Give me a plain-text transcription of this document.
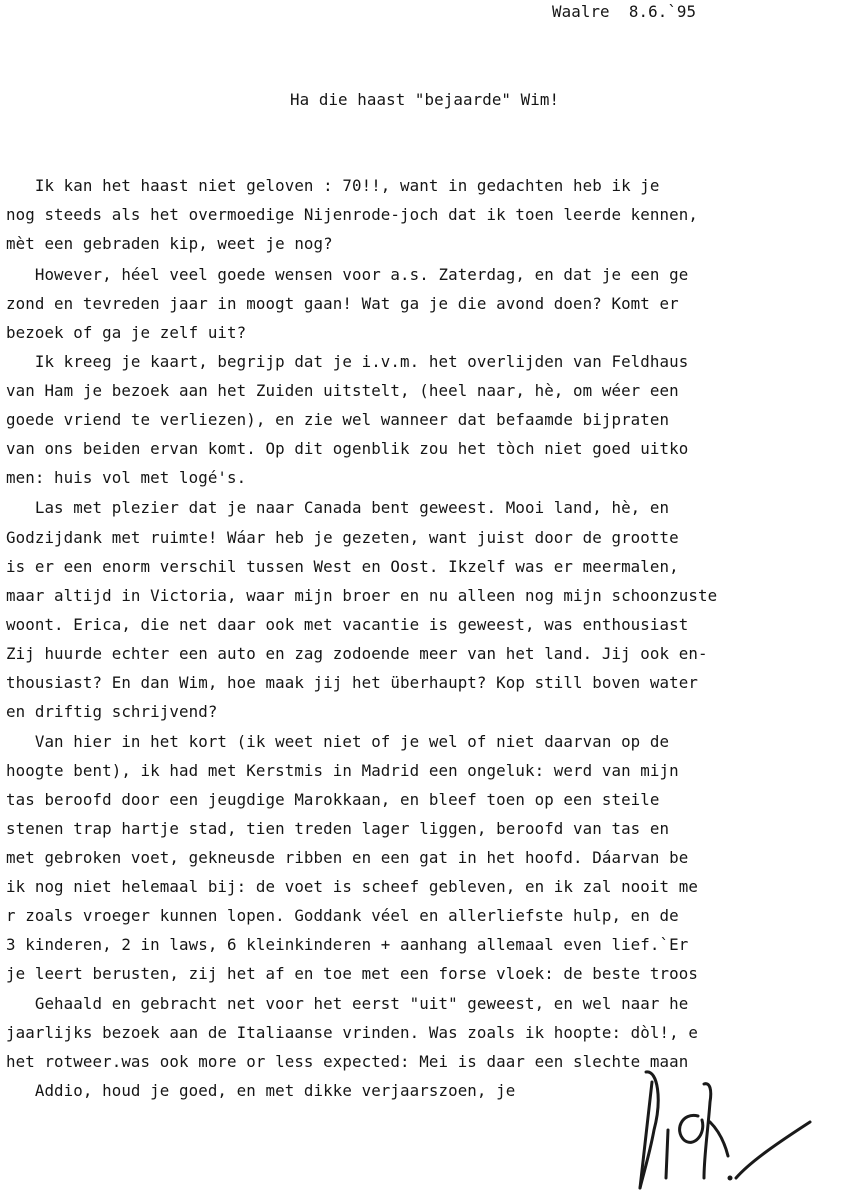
Waalre  8.6.`95
Ha die haast "bejaarde" Wim!
Ik kan het haast niet geloven : 70!!, want in gedachten heb ik je
nog steeds als het overmoedige Nijenrode-joch dat ik toen leerde kennen,
mèt een gebraden kip, weet je nog?
However, héel veel goede wensen voor a.s. Zaterdag, en dat je een ge
zond en tevreden jaar in moogt gaan! Wat ga je die avond doen? Komt er
bezoek of ga je zelf uit?
Ik kreeg je kaart, begrijp dat je i.v.m. het overlijden van Feldhaus
van Ham je bezoek aan het Zuiden uitstelt, (heel naar, hè, om wéer een
goede vriend te verliezen), en zie wel wanneer dat befaamde bijpraten
van ons beiden ervan komt. Op dit ogenblik zou het tòch niet goed uitko
men: huis vol met logé's.
Las met plezier dat je naar Canada bent geweest. Mooi land, hè, en
Godzijdank met ruimte! Wáar heb je gezeten, want juist door de grootte
is er een enorm verschil tussen West en Oost. Ikzelf was er meermalen,
maar altijd in Victoria, waar mijn broer en nu alleen nog mijn schoonzuste
woont. Erica, die net daar ook met vacantie is geweest, was enthousiast
Zij huurde echter een auto en zag zodoende meer van het land. Jij ook en-
thousiast? En dan Wim, hoe maak jij het überhaupt? Kop still boven water
en driftig schrijvend?
Van hier in het kort (ik weet niet of je wel of niet daarvan op de
hoogte bent), ik had met Kerstmis in Madrid een ongeluk: werd van mijn
tas beroofd door een jeugdige Marokkaan, en bleef toen op een steile
stenen trap hartje stad, tien treden lager liggen, beroofd van tas en
met gebroken voet, gekneusde ribben en een gat in het hoofd. Dáarvan be
ik nog niet helemaal bij: de voet is scheef gebleven, en ik zal nooit me
r zoals vroeger kunnen lopen. Goddank véel en allerliefste hulp, en de
3 kinderen, 2 in laws, 6 kleinkinderen + aanhang allemaal even lief.`Er
je leert berusten, zij het af en toe met een forse vloek: de beste troos
Gehaald en gebracht net voor het eerst "uit" geweest, en wel naar he
jaarlijks bezoek aan de Italiaanse vrinden. Was zoals ik hoopte: dòl!, e
het rotweer.was ook more or less expected: Mei is daar een slechte maan
Addio, houd je goed, en met dikke verjaarszoen, je
